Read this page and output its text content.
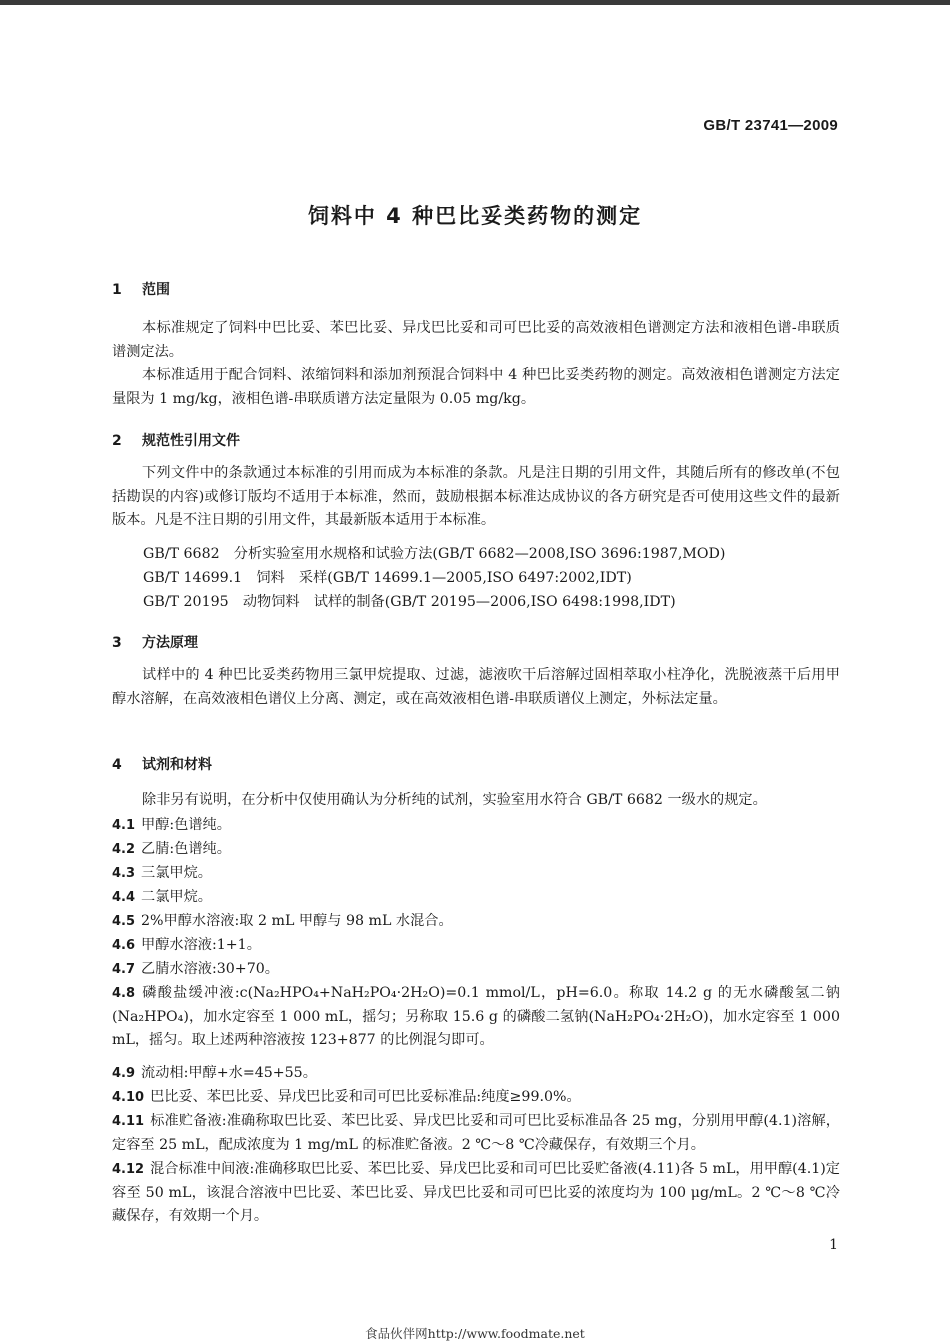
GB/T 23741—2009
饲料中 4 种巴比妥类药物的测定
1 范围

本标准规定了饲料中巴比妥、苯巴比妥、异戊巴比妥和司可巴比妥的高效液相色谱测定方法和液相色谱-串联质谱测定法。

本标准适用于配合饲料、浓缩饲料和添加剂预混合饲料中 4 种巴比妥类药物的测定。高效液相色谱测定方法定量限为 1 mg/kg，液相色谱-串联质谱方法定量限为 0.05 mg/kg。

2 规范性引用文件

下列文件中的条款通过本标准的引用而成为本标准的条款。凡是注日期的引用文件，其随后所有的修改单(不包括勘误的内容)或修订版均不适用于本标准，然而，鼓励根据本标准达成协议的各方研究是否可使用这些文件的最新版本。凡是不注日期的引用文件，其最新版本适用于本标准。

GB/T 6682　分析实验室用水规格和试验方法(GB/T 6682—2008,ISO 3696:1987,MOD)
GB/T 14699.1　饲料　采样(GB/T 14699.1—2005,ISO 6497:2002,IDT)
GB/T 20195　动物饲料　试样的制备(GB/T 20195—2006,ISO 6498:1998,IDT)
3 方法原理

试样中的 4 种巴比妥类药物用三氯甲烷提取、过滤，滤液吹干后溶解过固相萃取小柱净化，洗脱液蒸干后用甲醇水溶解，在高效液相色谱仪上分离、测定，或在高效液相色谱-串联质谱仪上测定，外标法定量。

4 试剂和材料

除非另有说明，在分析中仅使用确认为分析纯的试剂，实验室用水符合 GB/T 6682 一级水的规定。

4.1 甲醇:色谱纯。

4.2 乙腈:色谱纯。

4.3 三氯甲烷。

4.4 二氯甲烷。

4.5 2%甲醇水溶液:取 2 mL 甲醇与 98 mL 水混合。

4.6 甲醇水溶液:1+1。

4.7 乙腈水溶液:30+70。

4.8 磷酸盐缓冲液:c(Na₂HPO₄+NaH₂PO₄·2H₂O)=0.1 mmol/L，pH=6.0。称取 14.2 g 的无水磷酸氢二钠(Na₂HPO₄)，加水定容至 1 000 mL，摇匀；另称取 15.6 g 的磷酸二氢钠(NaH₂PO₄·2H₂O)，加水定容至 1 000 mL，摇匀。取上述两种溶液按 123+877 的比例混匀即可。

4.9 流动相:甲醇+水=45+55。

4.10 巴比妥、苯巴比妥、异戊巴比妥和司可巴比妥标准品:纯度≥99.0%。

4.11 标准贮备液:准确称取巴比妥、苯巴比妥、异戊巴比妥和司可巴比妥标准品各 25 mg，分别用甲醇(4.1)溶解，定容至 25 mL，配成浓度为 1 mg/mL 的标准贮备液。2 ℃～8 ℃冷藏保存，有效期三个月。

4.12 混合标准中间液:准确移取巴比妥、苯巴比妥、异戊巴比妥和司可巴比妥贮备液(4.11)各 5 mL，用甲醇(4.1)定容至 50 mL，该混合溶液中巴比妥、苯巴比妥、异戊巴比妥和司可巴比妥的浓度均为 100 μg/mL。2 ℃～8 ℃冷藏保存，有效期一个月。

1
食品伙伴网http://www.foodmate.net
